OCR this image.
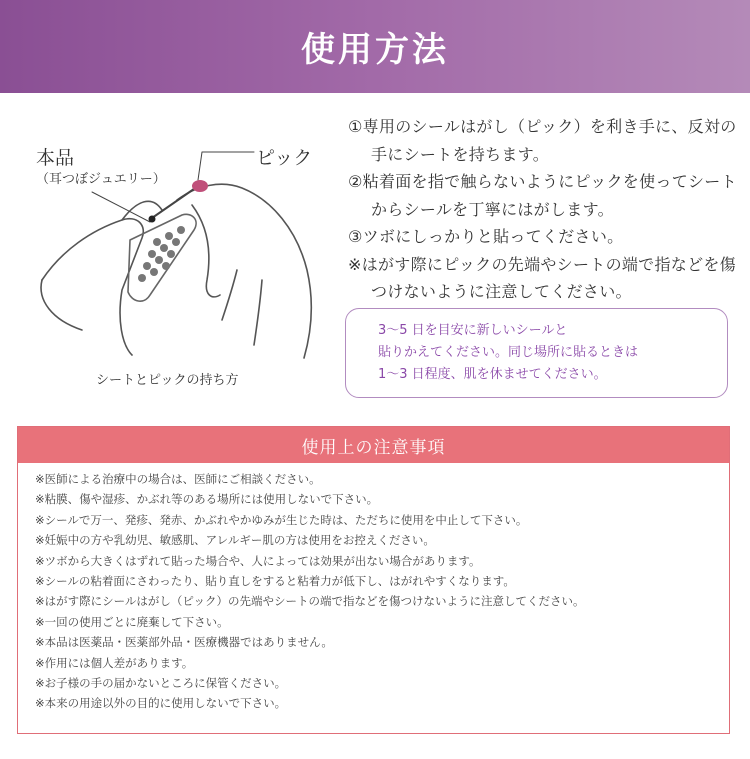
使用方法
本品
（耳つぼジュエリー）
ピック
シートとピックの持ち方
①専用のシールはがし（ピック）を利き手に、反対の手にシートを持ちます。
②粘着面を指で触らないようにピックを使ってシートからシールを丁寧にはがします。
③ツボにしっかりと貼ってください。
※はがす際にピックの先端やシートの端で指などを傷つけないように注意してください。
3～5 日を目安に新しいシールと
貼りかえてください。同じ場所に貼るときは
1～3 日程度、肌を休ませてください。
使用上の注意事項
※医師による治療中の場合は、医師にご相談ください。
※粘膜、傷や湿疹、かぶれ等のある場所には使用しないで下さい。
※シールで万一、発疹、発赤、かぶれやかゆみが生じた時は、ただちに使用を中止して下さい。
※妊娠中の方や乳幼児、敏感肌、アレルギー肌の方は使用をお控えください。
※ツボから大きくはずれて貼った場合や、人によっては効果が出ない場合があります。
※シールの粘着面にさわったり、貼り直しをすると粘着力が低下し、はがれやすくなります。
※はがす際にシールはがし（ピック）の先端やシートの端で指などを傷つけないように注意してください。
※一回の使用ごとに廃棄して下さい。
※本品は医薬品・医薬部外品・医療機器ではありません。
※作用には個人差があります。
※お子様の手の届かないところに保管ください。
※本来の用途以外の目的に使用しないで下さい。
